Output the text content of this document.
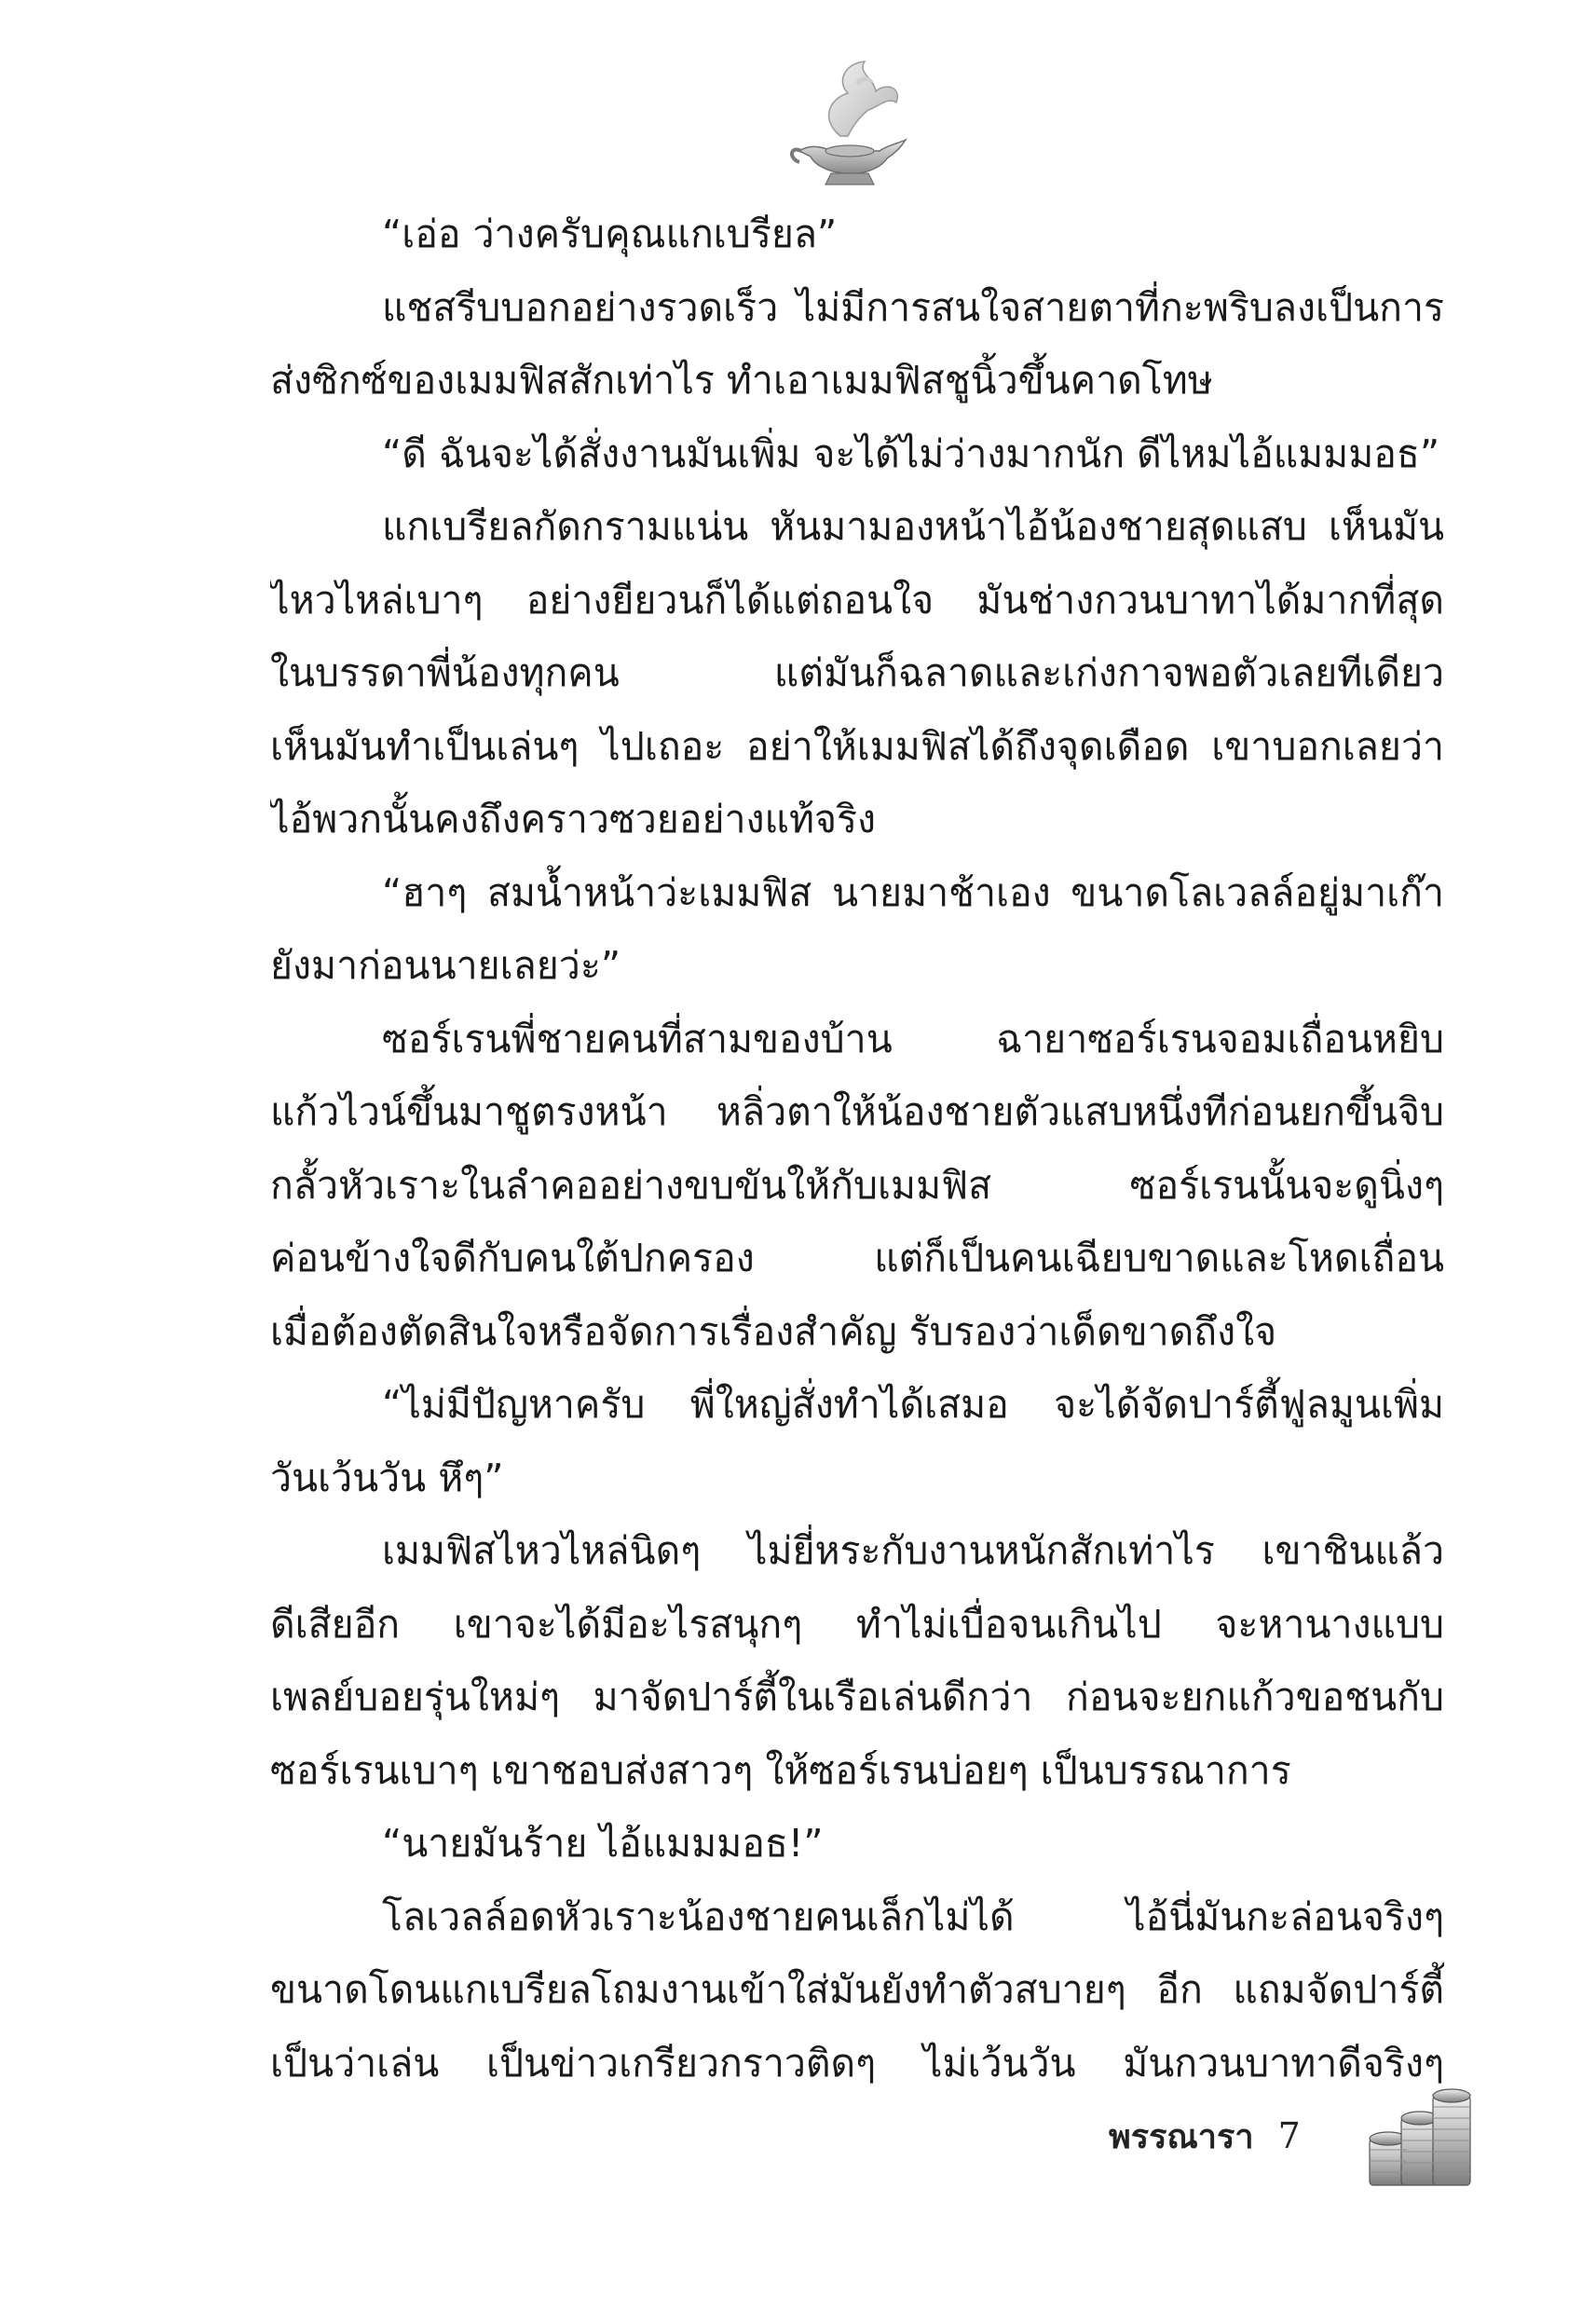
“เอ่อ ว่างครับคุณแกเบรียล”
แชสรีบบอกอย่างรวดเร็ว ไม่มีการสนใจสายตาที่กะพริบลงเป็นการ
ส่งซิกซ์ของเมมฟิสสักเท่าไร ทำเอาเมมฟิสชูนิ้วขึ้นคาดโทษ
“ดี ฉันจะได้สั่งงานมันเพิ่ม จะได้ไม่ว่างมากนัก ดีไหมไอ้แมมมอธ”
แกเบรียลกัดกรามแน่น หันมามองหน้าไอ้น้องชายสุดแสบ เห็นมัน
ไหวไหล่เบาๆ อย่างยียวนก็ได้แต่ถอนใจ มันช่างกวนบาทาได้มากที่สุด
ในบรรดาพี่น้องทุกคน แต่มันก็ฉลาดและเก่งกาจพอตัวเลยทีเดียว
เห็นมันทำเป็นเล่นๆ ไปเถอะ อย่าให้เมมฟิสได้ถึงจุดเดือด เขาบอกเลยว่า
ไอ้พวกนั้นคงถึงคราวซวยอย่างแท้จริง
“ฮาๆ สมน้ำหน้าว่ะเมมฟิส นายมาช้าเอง ขนาดโลเวลล์อยู่มาเก๊า
ยังมาก่อนนายเลยว่ะ”
ซอร์เรนพี่ชายคนที่สามของบ้าน ฉายาซอร์เรนจอมเถื่อนหยิบ
แก้วไวน์ขึ้นมาชูตรงหน้า หลิ่วตาให้น้องชายตัวแสบหนึ่งทีก่อนยกขึ้นจิบ
กลั้วหัวเราะในลำคออย่างขบขันให้กับเมมฟิส ซอร์เรนนั้นจะดูนิ่งๆ
ค่อนข้างใจดีกับคนใต้ปกครอง แต่ก็เป็นคนเฉียบขาดและโหดเถื่อน
เมื่อต้องตัดสินใจหรือจัดการเรื่องสำคัญ รับรองว่าเด็ดขาดถึงใจ
“ไม่มีปัญหาครับ พี่ใหญ่สั่งทำได้เสมอ จะได้จัดปาร์ตี้ฟูลมูนเพิ่ม
วันเว้นวัน หึๆ”
เมมฟิสไหวไหล่นิดๆ ไม่ยี่หระกับงานหนักสักเท่าไร เขาชินแล้ว
ดีเสียอีก เขาจะได้มีอะไรสนุกๆ ทำไม่เบื่อจนเกินไป จะหานางแบบ
เพลย์บอยรุ่นใหม่ๆ มาจัดปาร์ตี้ในเรือเล่นดีกว่า ก่อนจะยกแก้วขอชนกับ
ซอร์เรนเบาๆ เขาชอบส่งสาวๆ ให้ซอร์เรนบ่อยๆ เป็นบรรณาการ
“นายมันร้าย ไอ้แมมมอธ!”
โลเวลล์อดหัวเราะน้องชายคนเล็กไม่ได้ ไอ้นี่มันกะล่อนจริงๆ
ขนาดโดนแกเบรียลโถมงานเข้าใส่มันยังทำตัวสบายๆ อีก แถมจัดปาร์ตี้
เป็นว่าเล่น เป็นข่าวเกรียวกราวติดๆ ไม่เว้นวัน มันกวนบาทาดีจริงๆ
พรรณารา 7
